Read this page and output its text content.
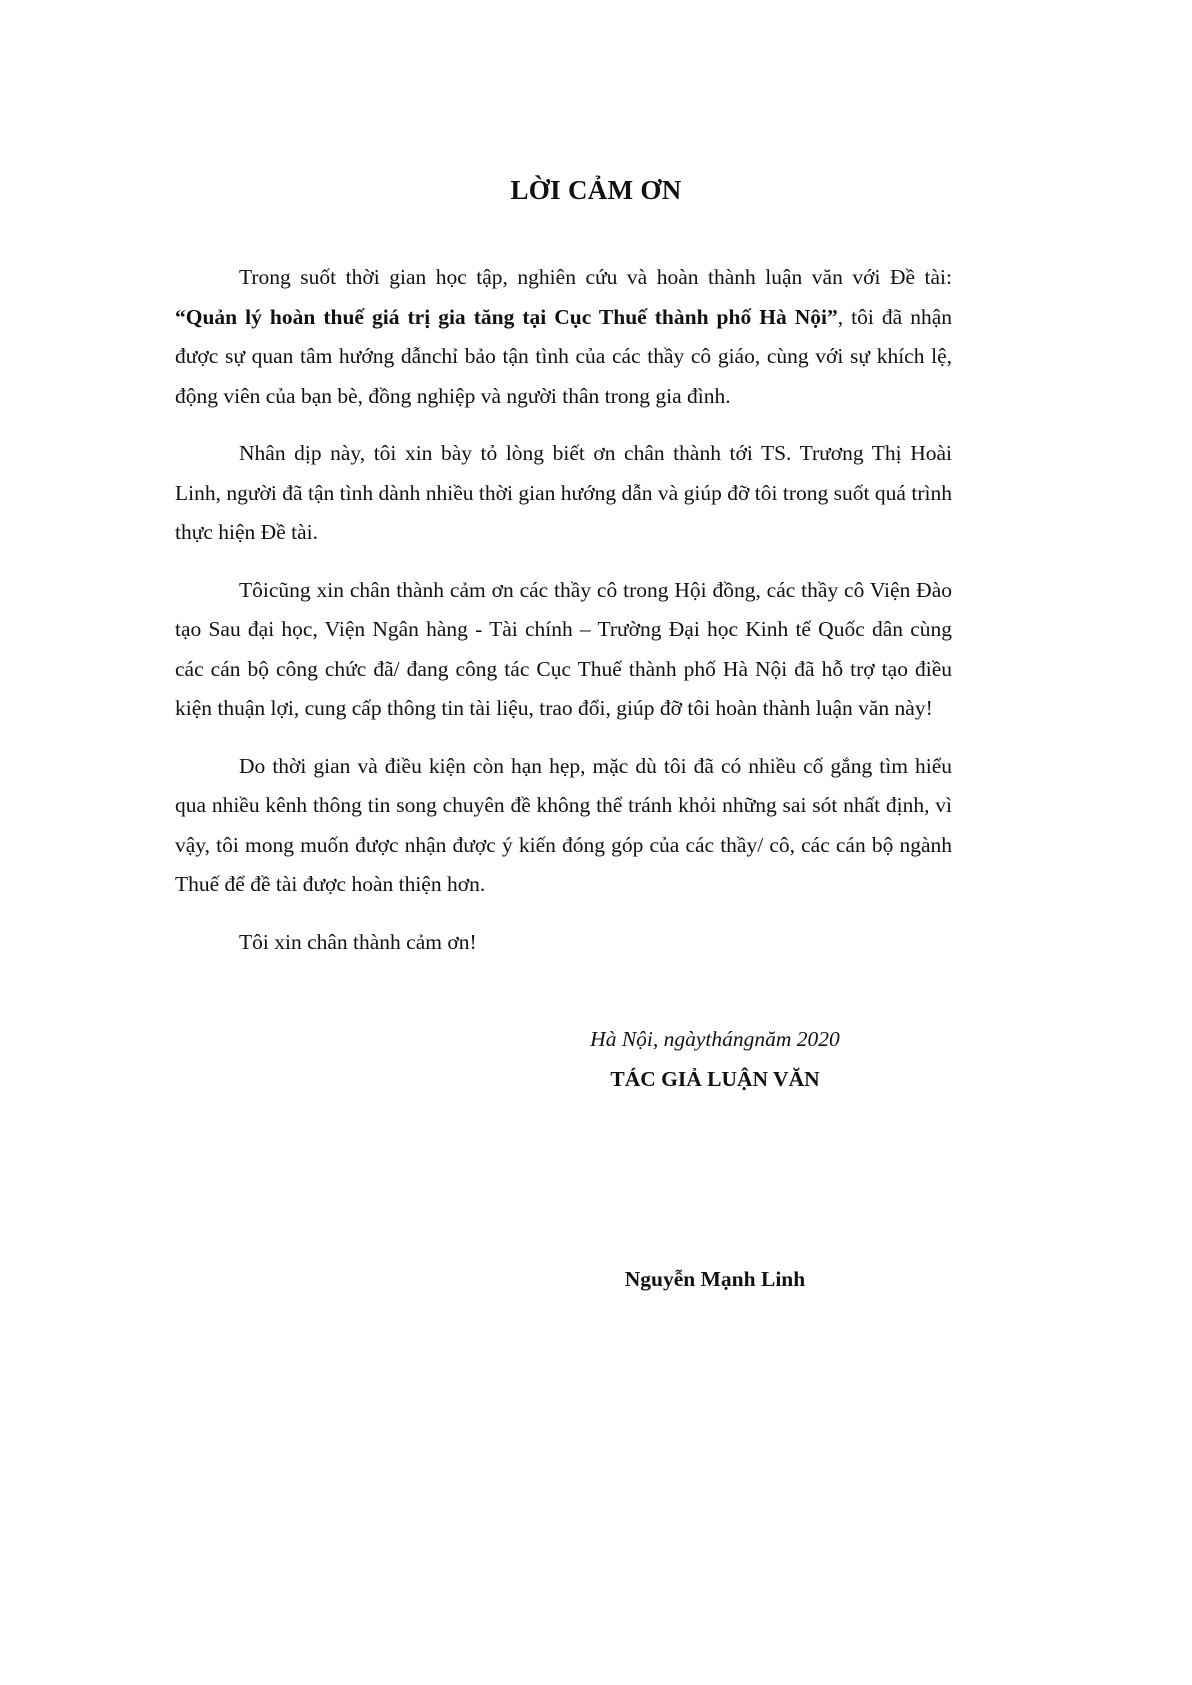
LỜI CẢM ƠN

Trong suốt thời gian học tập, nghiên cứu và hoàn thành luận văn với Đề tài: “Quản lý hoàn thuế giá trị gia tăng tại Cục Thuế thành phố Hà Nội”, tôi đã nhận được sự quan tâm hướng dẫnchỉ bảo tận tình của các thầy cô giáo, cùng với sự khích lệ, động viên của bạn bè, đồng nghiệp và người thân trong gia đình.

Nhân dịp này, tôi xin bày tỏ lòng biết ơn chân thành tới TS. Trương Thị Hoài Linh, người đã tận tình dành nhiều thời gian hướng dẫn và giúp đỡ tôi trong suốt quá trình thực hiện Đề tài.

Tôicũng xin chân thành cảm ơn các thầy cô trong Hội đồng, các thầy cô Viện Đào tạo Sau đại học, Viện Ngân hàng - Tài chính – Trường Đại học Kinh tế Quốc dân cùng các cán bộ công chức đã/ đang công tác Cục Thuế thành phố Hà Nội đã hỗ trợ tạo điều kiện thuận lợi, cung cấp thông tin tài liệu, trao đổi, giúp đỡ tôi hoàn thành luận văn này!

Do thời gian và điều kiện còn hạn hẹp, mặc dù tôi đã có nhiều cố gắng tìm hiểu qua nhiều kênh thông tin song chuyên đề không thể tránh khỏi những sai sót nhất định, vì vậy, tôi mong muốn được nhận được ý kiến đóng góp của các thầy/ cô, các cán bộ ngành Thuế để đề tài được hoàn thiện hơn.

Tôi xin chân thành cảm ơn!

Hà Nội, ngàythángnăm 2020
TÁC GIẢ LUẬN VĂN
Nguyễn Mạnh Linh
